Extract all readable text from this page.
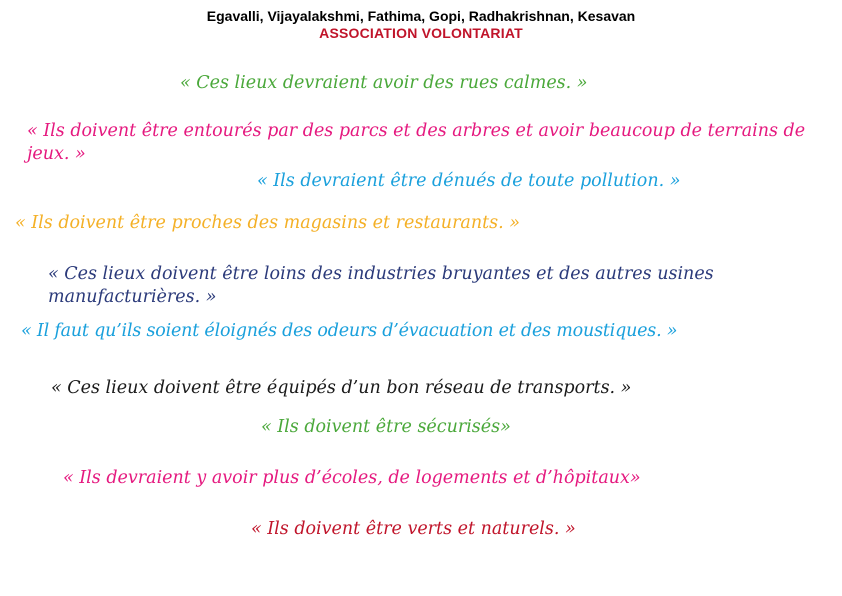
Egavalli, Vijayalakshmi, Fathima, Gopi, Radhakrishnan, Kesavan
ASSOCIATION VOLONTARIAT

« Ces lieux devraient avoir des rues calmes. »

« Ils doivent être entourés par des parcs et des arbres et avoir beaucoup de terrains de jeux. »

« Ils devraient être dénués de toute pollution. »

« Ils doivent être proches des magasins et restaurants. »

« Ces lieux doivent être loins des industries bruyantes et des autres usines manufacturières. »

« Il faut qu’ils soient éloignés des odeurs d’évacuation et des moustiques. »

« Ces lieux doivent être équipés d’un bon réseau de transports. »

« Ils doivent être sécurisés»

« Ils devraient y avoir plus d’écoles, de logements et d’hôpitaux»

« Ils doivent être verts et naturels. »
